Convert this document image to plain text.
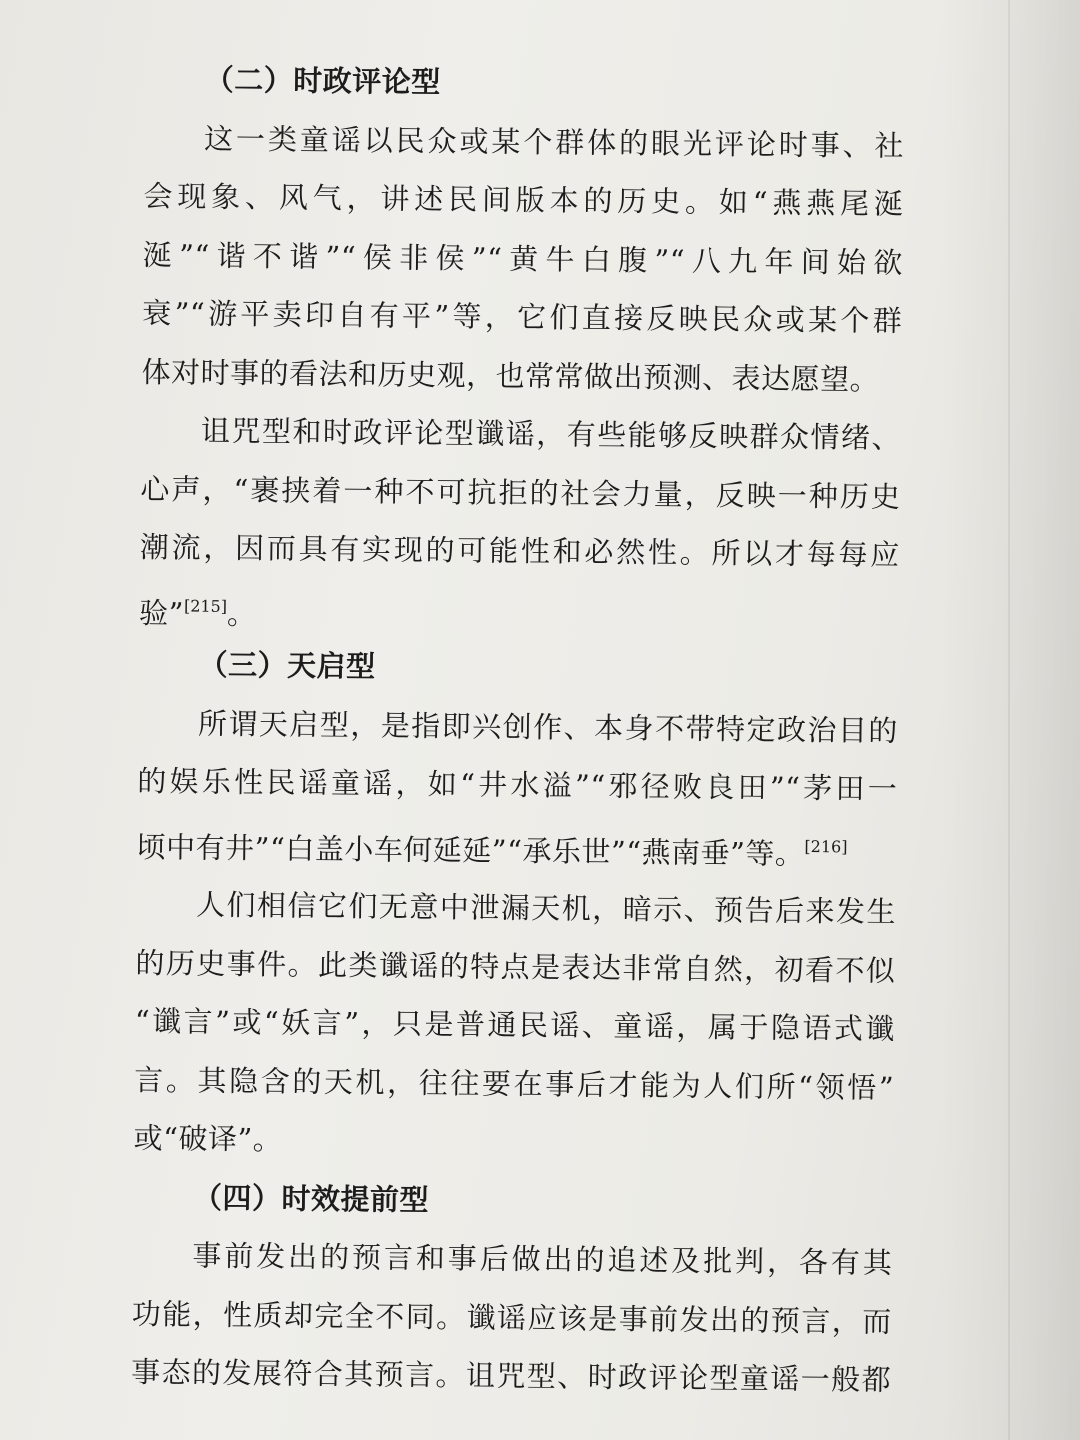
（二）时政评论型
这一类童谣以民众或某个群体的眼光评论时事、社
会现象、风气，讲述民间版本的历史。如“燕燕尾涎
涎”“谐不谐”“侯非侯”“黄牛白腹”“八九年间始欲
衰”“游平卖印自有平”等，它们直接反映民众或某个群
体对时事的看法和历史观，也常常做出预测、表达愿望。
诅咒型和时政评论型谶谣，有些能够反映群众情绪、
心声，“裹挟着一种不可抗拒的社会力量，反映一种历史
潮流，因而具有实现的可能性和必然性。所以才每每应
验”[215]。
（三）天启型
所谓天启型，是指即兴创作、本身不带特定政治目的
的娱乐性民谣童谣，如“井水溢”“邪径败良田”“茅田一
顷中有井”“白盖小车何延延”“承乐世”“燕南垂”等。[216]
人们相信它们无意中泄漏天机，暗示、预告后来发生
的历史事件。此类谶谣的特点是表达非常自然，初看不似
“谶言”或“妖言”，只是普通民谣、童谣，属于隐语式谶
言。其隐含的天机，往往要在事后才能为人们所“领悟”
或“破译”。
（四）时效提前型
事前发出的预言和事后做出的追述及批判，各有其
功能，性质却完全不同。谶谣应该是事前发出的预言，而
事态的发展符合其预言。诅咒型、时政评论型童谣一般都
